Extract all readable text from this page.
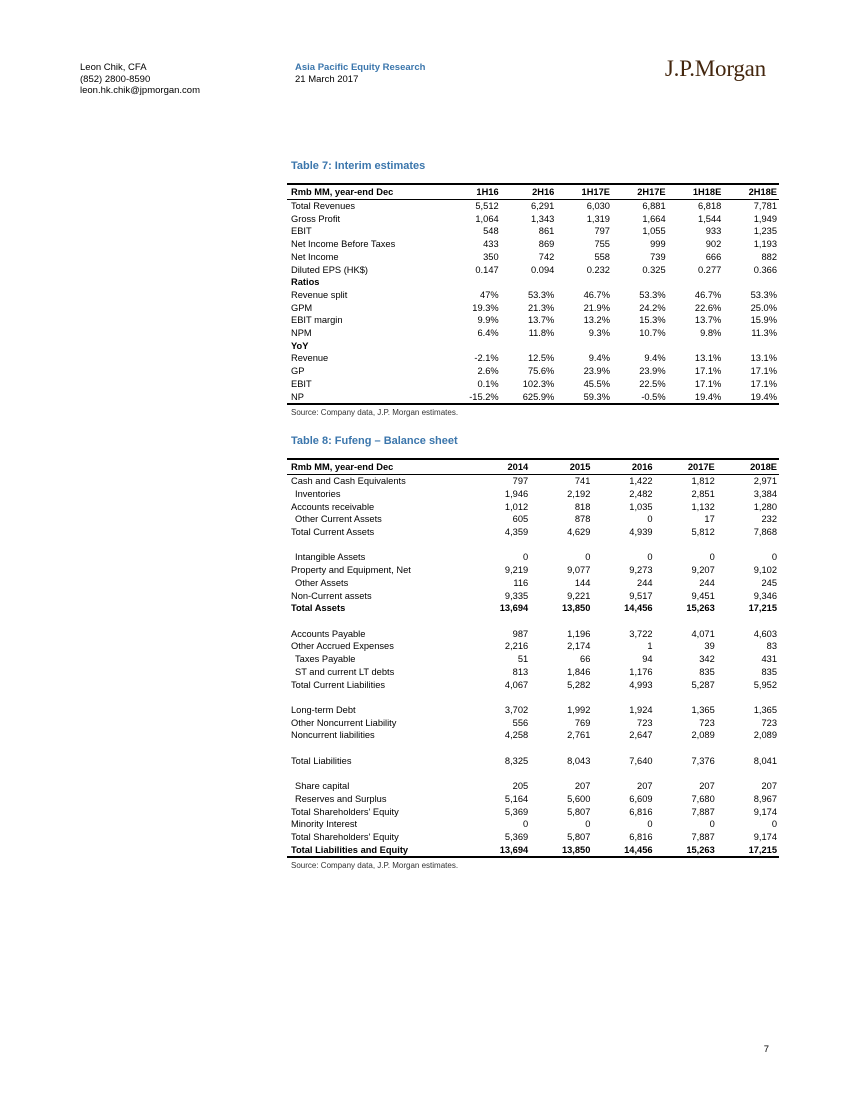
Leon Chik, CFA
(852) 2800-8590
leon.hk.chik@jpmorgan.com
Asia Pacific Equity Research
21 March 2017	J.P.Morgan
Table 7: Interim estimates
Rmb MM, year-end Dec	1H16	2H16	1H17E	2H17E	1H18E	2H18E
Total Revenues	5,512	6,291	6,030	6,881	6,818	7,781
Gross Profit	1,064	1,343	1,319	1,664	1,544	1,949
EBIT	548	861	797	1,055	933	1,235
Net Income Before Taxes	433	869	755	999	902	1,193
Net Income	350	742	558	739	666	882
Diluted EPS (HK$)	0.147	0.094	0.232	0.325	0.277	0.366
Ratios						
Revenue split	47%	53.3%	46.7%	53.3%	46.7%	53.3%
GPM	19.3%	21.3%	21.9%	24.2%	22.6%	25.0%
EBIT margin	9.9%	13.7%	13.2%	15.3%	13.7%	15.9%
NPM	6.4%	11.8%	9.3%	10.7%	9.8%	11.3%
YoY						
Revenue	-2.1%	12.5%	9.4%	9.4%	13.1%	13.1%
GP	2.6%	75.6%	23.9%	23.9%	17.1%	17.1%
EBIT	0.1%	102.3%	45.5%	22.5%	17.1%	17.1%
NP	-15.2%	625.9%	59.3%	-0.5%	19.4%	19.4%
Source: Company data, J.P. Morgan estimates.
Table 8: Fufeng – Balance sheet
Rmb MM, year-end Dec	2014	2015	2016	2017E	2018E
Cash and Cash Equivalents	797	741	1,422	1,812	2,971
Inventories	1,946	2,192	2,482	2,851	3,384
Accounts receivable	1,012	818	1,035	1,132	1,280
Other Current Assets	605	878	0	17	232
Total Current Assets	4,359	4,629	4,939	5,812	7,868

Intangible Assets	0	0	0	0	0
Property and Equipment, Net	9,219	9,077	9,273	9,207	9,102
Other Assets	116	144	244	244	245
Non-Current assets	9,335	9,221	9,517	9,451	9,346
Total Assets	13,694	13,850	14,456	15,263	17,215

Accounts Payable	987	1,196	3,722	4,071	4,603
Other Accrued Expenses	2,216	2,174	1	39	83
Taxes Payable	51	66	94	342	431
ST and current LT debts	813	1,846	1,176	835	835
Total Current Liabilities	4,067	5,282	4,993	5,287	5,952

Long-term Debt	3,702	1,992	1,924	1,365	1,365
Other Noncurrent Liability	556	769	723	723	723
Noncurrent liabilities	4,258	2,761	2,647	2,089	2,089

Total Liabilities	8,325	8,043	7,640	7,376	8,041

Share capital	205	207	207	207	207
Reserves and Surplus	5,164	5,600	6,609	7,680	8,967
Total Shareholders' Equity	5,369	5,807	6,816	7,887	9,174
Minority Interest	0	0	0	0	0
Total Shareholders' Equity	5,369	5,807	6,816	7,887	9,174
Total Liabilities and Equity	13,694	13,850	14,456	15,263	17,215
Source: Company data, J.P. Morgan estimates.
7
